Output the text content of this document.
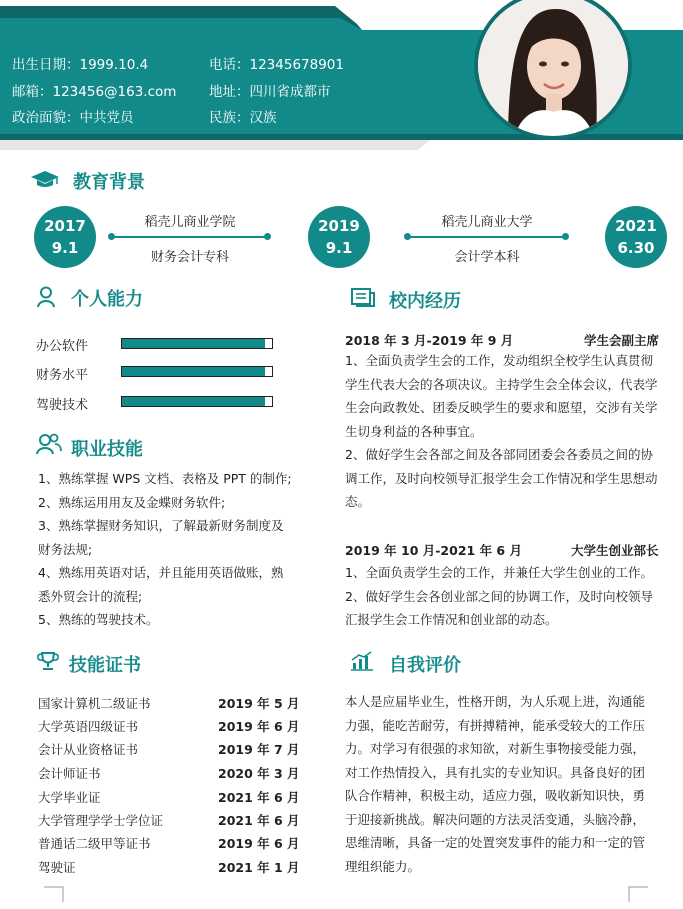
出生日期：1999.10.4	电话：12345678901
邮箱：123456@163.com 地址：四川省成都市
政治面貌：中共党员	民族：汉族
教育背景
2017
9.1
2019
9.1
2021
6.30
稻壳儿商业学院
财务会计专科
稻壳儿商业大学
会计学本科
个人能力
办公软件
财务水平
驾驶技术
职业技能
1、熟练掌握 WPS 文档、表格及 PPT 的制作;
2、熟练运用用友及金蝶财务软件;
3、熟练掌握财务知识，了解最新财务制度及
财务法规;
4、熟练用英语对话，并且能用英语做账，熟
悉外贸会计的流程;
5、熟练的驾驶技术。
技能证书
国家计算机二级证书	2019 年 5 月
大学英语四级证书	2019 年 6 月
会计从业资格证书	2019 年 7 月
会计师证书	2020 年 3 月
大学毕业证	2021 年 6 月
大学管理学学士学位证	2021 年 6 月
普通话二级甲等证书	2019 年 6 月
驾驶证	2021 年 1 月
校内经历
2018 年 3 月-2019 年 9 月	学生会副主席
1、全面负责学生会的工作，发动组织全校学生认真贯彻
学生代表大会的各项决议。主持学生会全体会议，代表学
生会向政教处、团委反映学生的要求和愿望，交涉有关学
生切身利益的各种事宜。
2、做好学生会各部之间及各部同团委会各委员之间的协
调工作，及时向校领导汇报学生会工作情况和学生思想动
态。
2019 年 10 月-2021 年 6 月	大学生创业部长
1、全面负责学生会的工作，并兼任大学生创业的工作。
2、做好学生会各创业部之间的协调工作，及时向校领导
汇报学生会工作情况和创业部的动态。
自我评价
本人是应届毕业生，性格开朗，为人乐观上进，沟通能
力强，能吃苦耐劳，有拼搏精神，能承受较大的工作压
力。对学习有很强的求知欲，对新生事物接受能力强，
对工作热情投入，具有扎实的专业知识。具备良好的团
队合作精神，积极主动，适应力强，吸收新知识快，勇
于迎接新挑战。解决问题的方法灵活变通，头脑冷静，
思维清晰，具备一定的处置突发事件的能力和一定的管
理组织能力。
